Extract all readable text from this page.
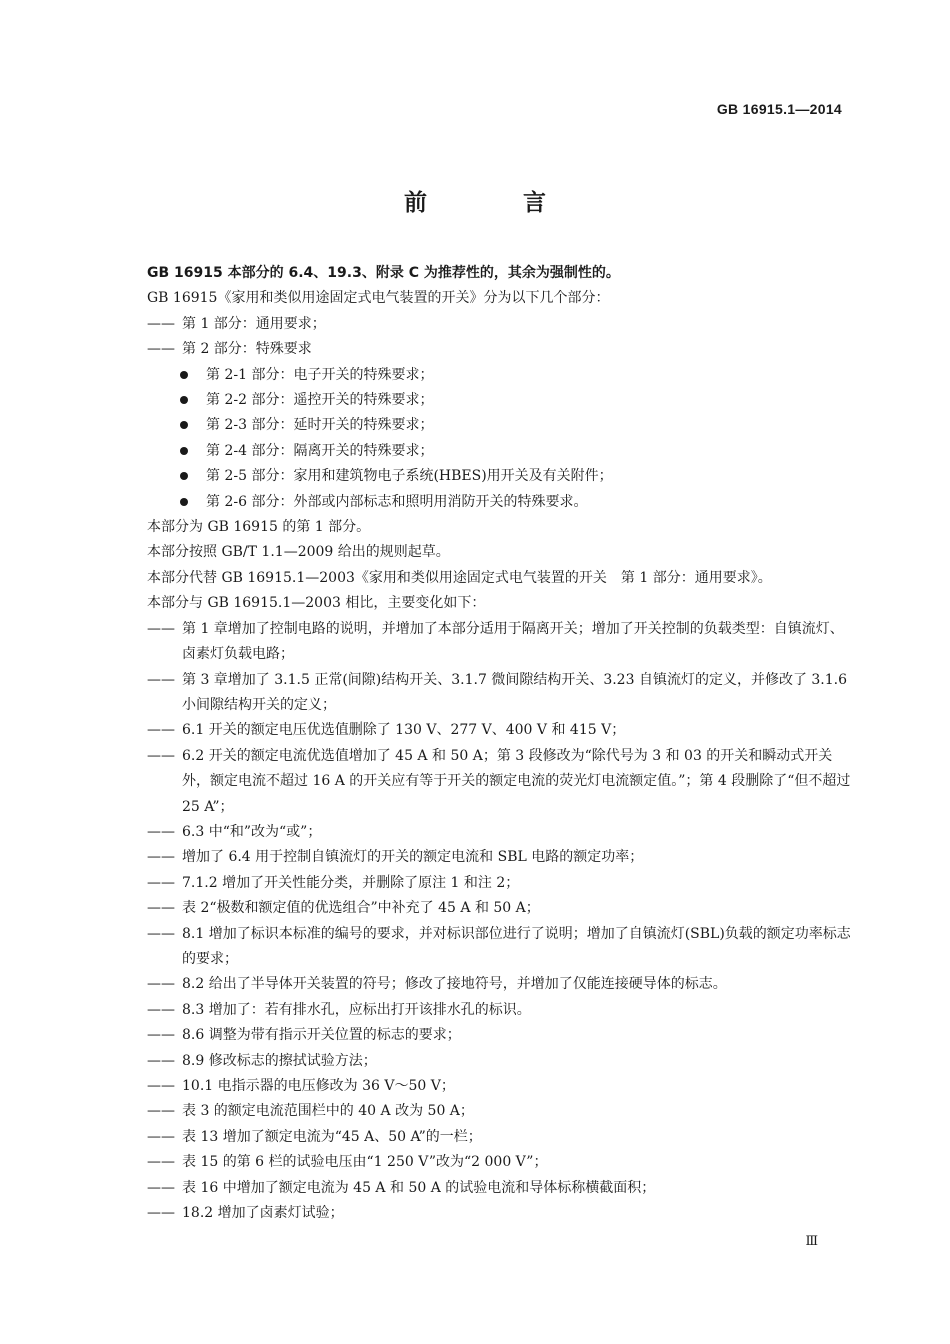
GB 16915.1—2014
前 言

GB 16915 本部分的 6.4、19.3、附录 C 为推荐性的，其余为强制性的。

GB 16915《家用和类似用途固定式电气装置的开关》分为以下几个部分：

—— 第 1 部分：通用要求；

—— 第 2 部分：特殊要求

第 2-1 部分：电子开关的特殊要求；

第 2-2 部分：遥控开关的特殊要求；

第 2-3 部分：延时开关的特殊要求；

第 2-4 部分：隔离开关的特殊要求；

第 2-5 部分：家用和建筑物电子系统(HBES)用开关及有关附件；

第 2-6 部分：外部或内部标志和照明用消防开关的特殊要求。

本部分为 GB 16915 的第 1 部分。

本部分按照 GB/T 1.1—2009 给出的规则起草。

本部分代替 GB 16915.1—2003《家用和类似用途固定式电气装置的开关　第 1 部分：通用要求》。

本部分与 GB 16915.1—2003 相比，主要变化如下：

—— 第 1 章增加了控制电路的说明，并增加了本部分适用于隔离开关；增加了开关控制的负载类型：自镇流灯、卤素灯负载电路；

—— 第 3 章增加了 3.1.5 正常(间隙)结构开关、3.1.7 微间隙结构开关、3.23 自镇流灯的定义，并修改了 3.1.6 小间隙结构开关的定义；

—— 6.1 开关的额定电压优选值删除了 130 V、277 V、400 V 和 415 V；

—— 6.2 开关的额定电流优选值增加了 45 A 和 50 A；第 3 段修改为“除代号为 3 和 03 的开关和瞬动式开关外，额定电流不超过 16 A 的开关应有等于开关的额定电流的荧光灯电流额定值。”；第 4 段删除了“但不超过 25 A”；

—— 6.3 中“和”改为“或”；

—— 增加了 6.4 用于控制自镇流灯的开关的额定电流和 SBL 电路的额定功率；

—— 7.1.2 增加了开关性能分类，并删除了原注 1 和注 2；

—— 表 2“极数和额定值的优选组合”中补充了 45 A 和 50 A；

—— 8.1 增加了标识本标准的编号的要求，并对标识部位进行了说明；增加了自镇流灯(SBL)负载的额定功率标志的要求；

—— 8.2 给出了半导体开关装置的符号；修改了接地符号，并增加了仅能连接硬导体的标志。

—— 8.3 增加了：若有排水孔，应标出打开该排水孔的标识。

—— 8.6 调整为带有指示开关位置的标志的要求；

—— 8.9 修改标志的擦拭试验方法；

—— 10.1 电指示器的电压修改为 36 V～50 V；

—— 表 3 的额定电流范围栏中的 40 A 改为 50 A；

—— 表 13 增加了额定电流为“45 A、50 A”的一栏；

—— 表 15 的第 6 栏的试验电压由“1 250 V”改为“2 000 V”；

—— 表 16 中增加了额定电流为 45 A 和 50 A 的试验电流和导体标称横截面积；

—— 18.2 增加了卤素灯试验；

Ⅲ
